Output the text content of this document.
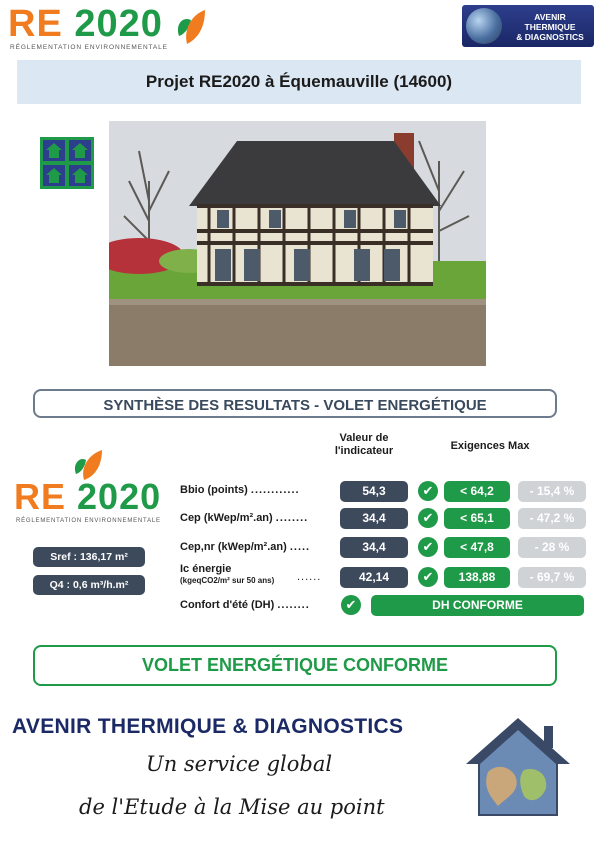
RE 2020
RÉGLEMENTATION ENVIRONNEMENTALE
AVENIR
THERMIQUE
& DIAGNOSTICS
Projet RE2020 à Équemauville (14600)
SYNTHÈSE DES RESULTATS - VOLET ENERGÉTIQUE
Valeur de
l'indicateur	Exigences Max
RE 2020
RÉGLEMENTATION ENVIRONNEMENTALE
Sref : 136,17 m²
Q4 : 0,6 m³/h.m²
Bbio (points) ............	54,3	✔	< 64,2	- 15,4 %
Cep (kWep/m².an) ........	34,4	✔	< 65,1	- 47,2 %
Cep,nr (kWep/m².an) .....	34,4	✔	< 47,8	- 28 %
Ic énergie
(kgeqCO2/m² sur 50 ans) ......	42,14	✔	138,88	- 69,7 %
Confort d'été (DH) ........	✔	DH CONFORME
VOLET ENERGÉTIQUE CONFORME
AVENIR THERMIQUE & DIAGNOSTICS
Un service global
de l'Etude à la Mise au point
